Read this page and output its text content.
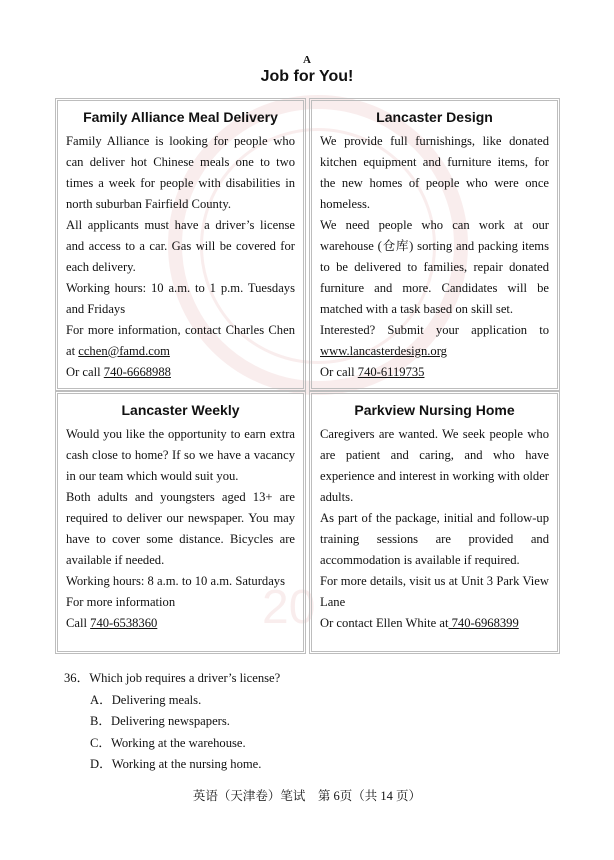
20
A
Job for You!
Family Alliance Meal Delivery

Family Alliance is looking for people who can deliver hot Chinese meals one to two times a week for people with disabilities in north suburban Fairfield County.

All applicants must have a driver’s license and access to a car. Gas will be covered for each delivery.

Working hours: 10 a.m. to 1 p.m. Tuesdays and Fridays

For more information, contact Charles Chen at cchen@famd.com

Or call 740-6668988

Lancaster Design

We provide full furnishings, like donated kitchen equipment and furniture items, for the new homes of people who were once homeless.

We need people who can work at our warehouse (仓库) sorting and packing items to be delivered to families, repair donated furniture and more. Candidates will be matched with a task based on skill set.

Interested? Submit your application to

www.lancasterdesign.org

Or call 740-6119735

Lancaster Weekly

Would you like the opportunity to earn extra cash close to home? If so we have a vacancy in our team which would suit you.

Both adults and youngsters aged 13+ are required to deliver our newspaper. You may have to cover some distance. Bicycles are available if needed.

Working hours: 8 a.m. to 10 a.m. Saturdays

For more information

Call 740-6538360

Parkview Nursing Home

Caregivers are wanted. We seek people who are patient and caring, and who have experience and interest in working with older adults.

As part of the package, initial and follow-up training sessions are provided and accommodation is available if required.

For more details, visit us at Unit 3 Park View Lane

Or contact Ellen White at 740-6968399

36．Which job requires a driver’s license?
A．Delivering meals.
B．Delivering newspapers.
C．Working at the warehouse.
D．Working at the nursing home.
英语（天津卷）笔试　第 6页（共 14 页）
